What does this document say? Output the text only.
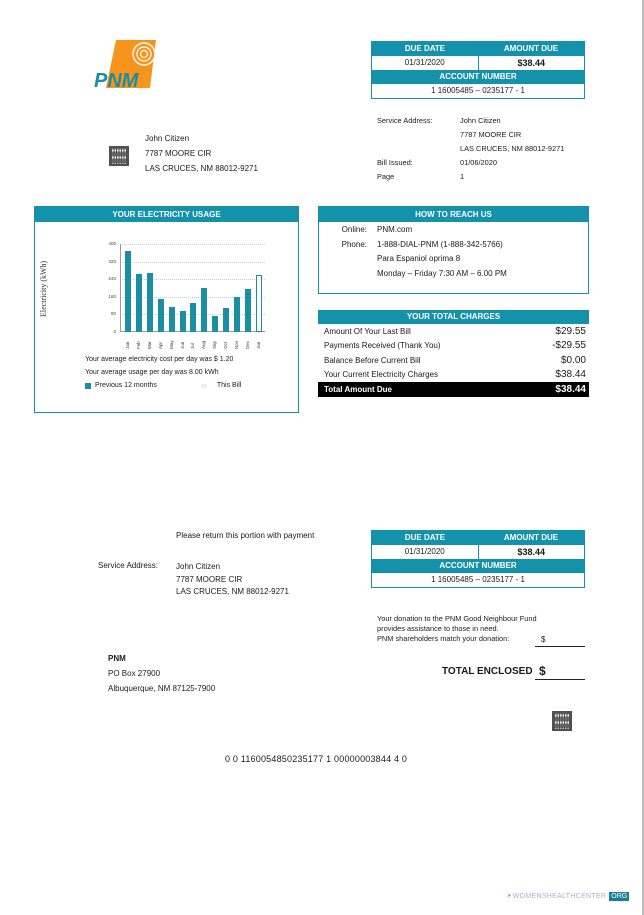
PNM
DUE DATE	AMOUNT DUE
01/31/2020	$38.44
ACCOUNT NUMBER
1 16005485 – 0235177 - 1
Service Address:	John Citizen
7787 MOORE CIR
LAS CRUCES, NM 88012-9271
Bill Issued:	01/06/2020
Page	1
John Citizen
7787 MOORE CIR
LAS CRUCES, NM 88012-9271
YOUR ELECTRICITY USAGE
Electricity (kWh)
400
320
240
160
80
0
Jan Feb Mar Apr May Jun Jul Aug Sep Oct Nov Dec Jan
Your average electricity cost per day was $ 1.20
Your average usage per day was 8.00 kWh
Previous 12 months	This Bill
HOW TO REACH US
Online:	PNM.com
Phone:	1-888-DIAL-PNM (1-888-342-5766)
Para Espaniol oprima 8
Monday – Friday 7:30 AM – 6.00 PM
YOUR TOTAL CHARGES
Amount Of Your Last Bill	$29.55
Payments Received (Thank You)	-$29.55
Balance Before Current Bill	$0.00
Your Current Electricity Charges	$38.44
Total Amount Due	$38.44
Please return this portion with payment
Service Address: John Citizen
7787 MOORE CIR
LAS CRUCES, NM 88012-9271
DUE DATE	AMOUNT DUE
01/31/2020	$38.44
ACCOUNT NUMBER
1 16005485 – 0235177 - 1
Your donation to the PNM Good Neighbour Fund
provides assistance to those in need.
PNM shareholders match your donation:	$
TOTAL ENCLOSED $
PNM
PO Box 27900
Albuquerque, NM 87125-7900
0 0 1160054850235177 1 00000003844 4 0
·:• WOMENSHEALTHCENTER ORG
